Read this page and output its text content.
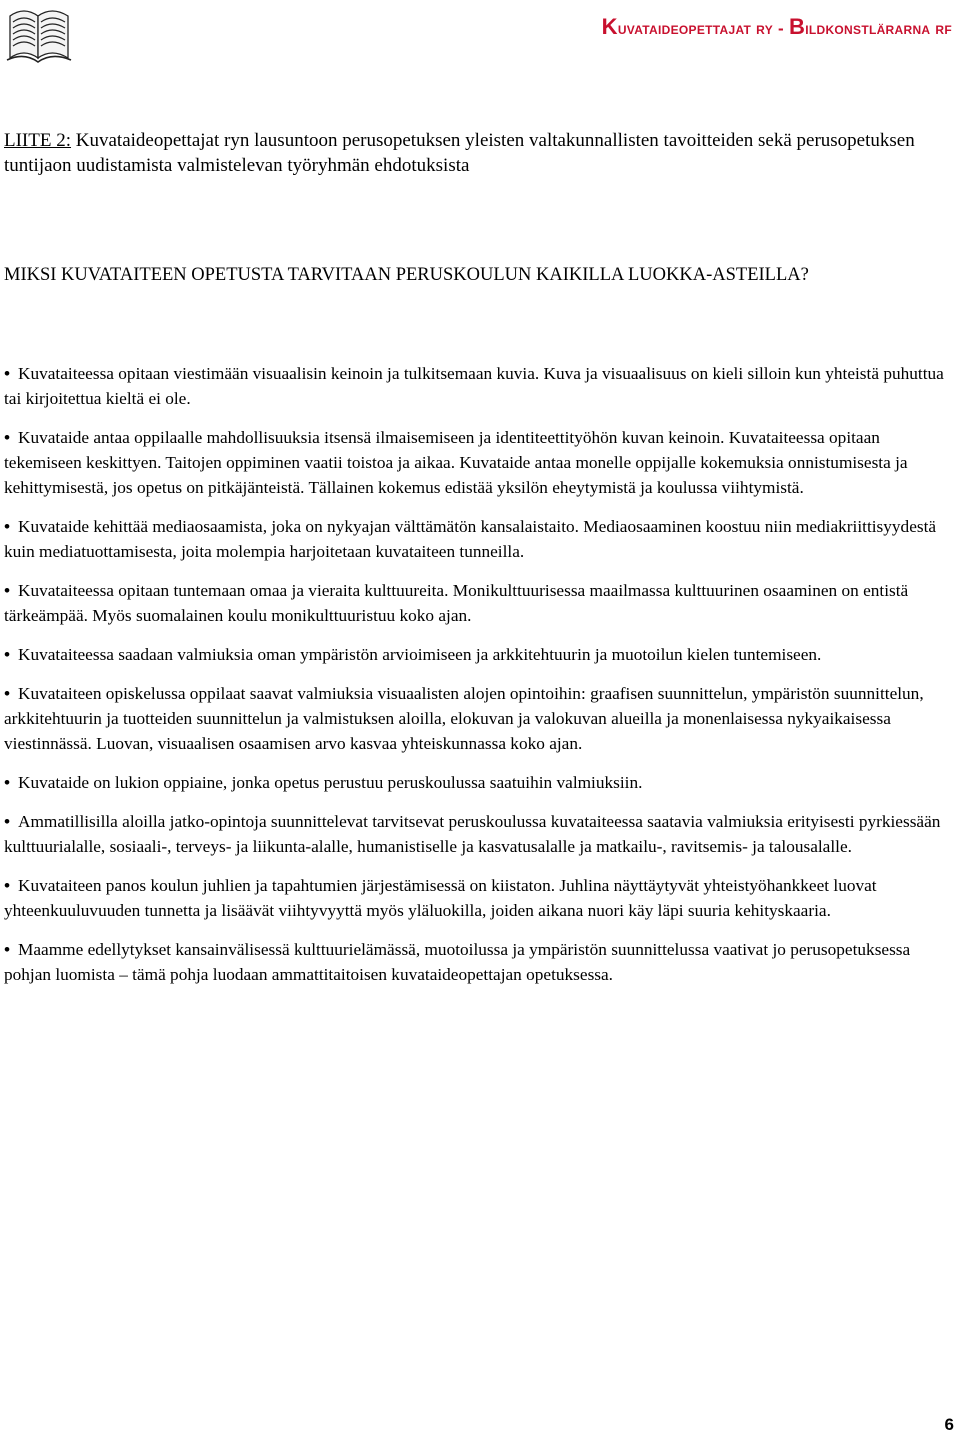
Kuvataideopettajat ry - Bildkonstlärarna rf
LIITE 2: Kuvataideopettajat ryn lausuntoon perusopetuksen yleisten valtakunnallisten tavoitteiden sekä perusopetuksen tuntijaon uudistamista valmistelevan työryhmän ehdotuksista
MIKSI KUVATAITEEN OPETUSTA TARVITAAN PERUSKOULUN KAIKILLA LUOKKA-ASTEILLA?
• Kuvataiteessa opitaan viestimään visuaalisin keinoin ja tulkitsemaan kuvia. Kuva ja visuaalisuus on kieli silloin kun yhteistä puhuttua tai kirjoitettua kieltä ei ole.
• Kuvataide antaa oppilaalle mahdollisuuksia itsensä ilmaisemiseen ja identiteettityöhön kuvan keinoin. Kuvataiteessa opitaan tekemiseen keskittyen. Taitojen oppiminen vaatii toistoa ja aikaa. Kuvataide antaa monelle oppijalle kokemuksia onnistumisesta ja kehittymisestä, jos opetus on pitkäjänteistä. Tällainen kokemus edistää yksilön eheytymistä ja koulussa viihtymistä.
• Kuvataide kehittää mediaosaamista, joka on nykyajan välttämätön kansalaistaito. Mediaosaaminen koostuu niin mediakriittisyydestä kuin mediatuottamisesta, joita molempia harjoitetaan kuvataiteen tunneilla.
• Kuvataiteessa opitaan tuntemaan omaa ja vieraita kulttuureita. Monikulttuurisessa maailmassa kulttuurinen osaaminen on entistä tärkeämpää. Myös suomalainen koulu monikulttuuristuu koko ajan.
• Kuvataiteessa saadaan valmiuksia oman ympäristön arvioimiseen ja arkkitehtuurin ja muotoilun kielen tuntemiseen.
• Kuvataiteen opiskelussa oppilaat saavat valmiuksia visuaalisten alojen opintoihin: graafisen suunnittelun, ympäristön suunnittelun, arkkitehtuurin ja tuotteiden suunnittelun ja valmistuksen aloilla, elokuvan ja valokuvan alueilla ja monenlaisessa nykyaikaisessa viestinnässä. Luovan, visuaalisen osaamisen arvo kasvaa yhteiskunnassa koko ajan.
• Kuvataide on lukion oppiaine, jonka opetus perustuu peruskoulussa saatuihin valmiuksiin.
• Ammatillisilla aloilla jatko-opintoja suunnittelevat tarvitsevat peruskoulussa kuvataiteessa saatavia valmiuksia erityisesti pyrkiessään kulttuurialalle, sosiaali-, terveys- ja liikunta-alalle, humanistiselle ja kasvatusalalle ja matkailu-, ravitsemis- ja talousalalle.
• Kuvataiteen panos koulun juhlien ja tapahtumien järjestämisessä on kiistaton. Juhlina näyttäytyvät yhteistyöhankkeet luovat yhteenkuuluvuuden tunnetta ja lisäävät viihtyvyyttä myös yläluokilla, joiden aikana nuori käy läpi suuria kehityskaaria.
• Maamme edellytykset kansainvälisessä kulttuurielämässä, muotoilussa ja ympäristön suunnittelussa vaativat jo perusopetuksessa pohjan luomista – tämä pohja luodaan ammattitaitoisen kuvataideopettajan opetuksessa.
6
